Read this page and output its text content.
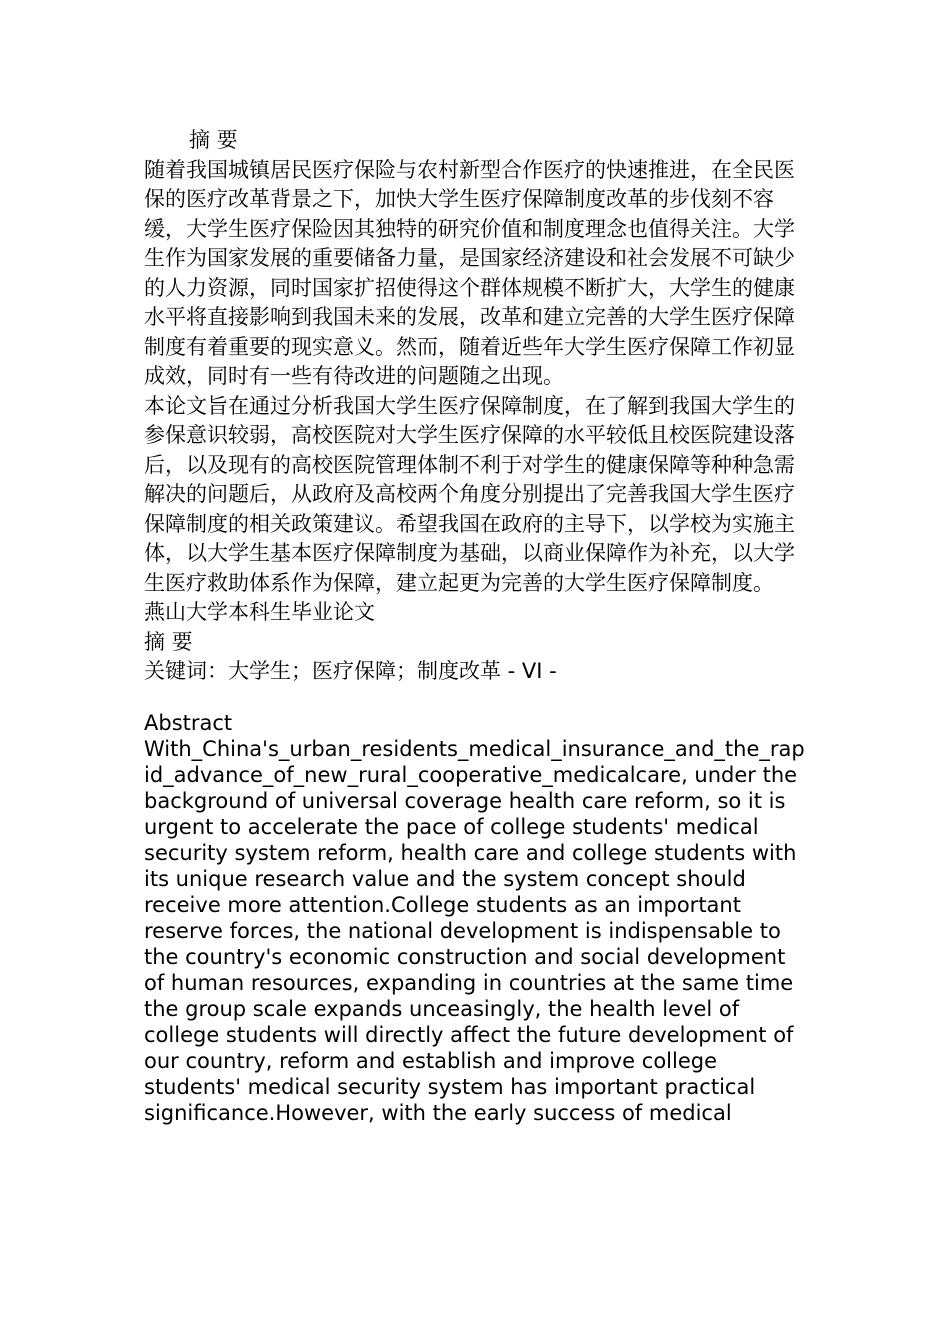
摘 要

随着我国城镇居民医疗保险与农村新型合作医疗的快速推进，在全民医保的医疗改革背景之下，加快大学生医疗保障制度改革的步伐刻不容缓，大学生医疗保险因其独特的研究价值和制度理念也值得关注。大学生作为国家发展的重要储备力量，是国家经济建设和社会发展不可缺少的人力资源，同时国家扩招使得这个群体规模不断扩大，大学生的健康水平将直接影响到我国未来的发展，改革和建立完善的大学生医疗保障制度有着重要的现实意义。然而，随着近些年大学生医疗保障工作初显成效，同时有一些有待改进的问题随之出现。

本论文旨在通过分析我国大学生医疗保障制度，在了解到我国大学生的参保意识较弱，高校医院对大学生医疗保障的水平较低且校医院建设落后，以及现有的高校医院管理体制不利于对学生的健康保障等种种急需解决的问题后，从政府及高校两个角度分别提出了完善我国大学生医疗保障制度的相关政策建议。希望我国在政府的主导下，以学校为实施主体，以大学生基本医疗保障制度为基础，以商业保障作为补充，以大学生医疗救助体系作为保障，建立起更为完善的大学生医疗保障制度。

燕山大学本科生毕业论文

摘 要

关键词：大学生；医疗保障；制度改革 - VI -

Abstract

With_China's_urban_residents_medical_insurance_and_the_rapid_advance_of_new_rural_cooperative_medicalcare, under the background of universal coverage health care reform, so it is urgent to accelerate the pace of college students' medical security system reform, health care and college students with its unique research value and the system concept should receive more attention.College students as an important reserve forces, the national development is indispensable to the country's economic construction and social development of human resources, expanding in countries at the same time the group scale expands unceasingly, the health level of college students will directly affect the future development of our country, reform and establish and improve college students' medical security system has important practical significance.However, with the early success of medical
